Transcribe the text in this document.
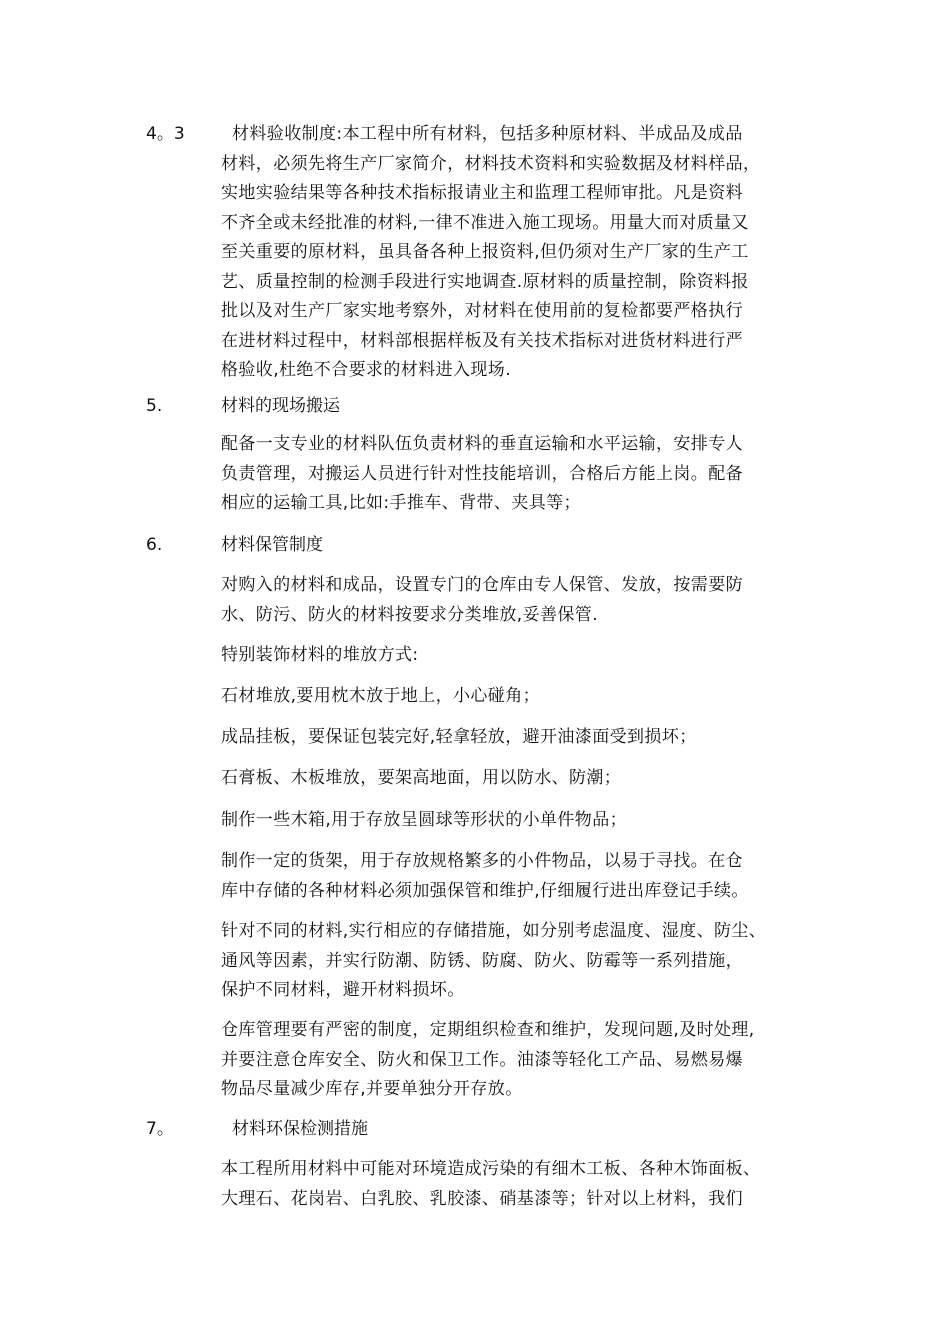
4。3	材料验收制度:本工程中所有材料，包括多种原材料、半成品及成品
材料，必须先将生产厂家简介，材料技术资料和实验数据及材料样品，
实地实验结果等各种技术指标报请业主和监理工程师审批。凡是资料
不齐全或未经批准的材料,一律不准进入施工现场。用量大而对质量又
至关重要的原材料，虽具备各种上报资料,但仍须对生产厂家的生产工
艺、质量控制的检测手段进行实地调查.原材料的质量控制，除资料报
批以及对生产厂家实地考察外，对材料在使用前的复检都要严格执行
在进材料过程中，材料部根据样板及有关技术指标对进货材料进行严
格验收,杜绝不合要求的材料进入现场.
5.	材料的现场搬运
配备一支专业的材料队伍负责材料的垂直运输和水平运输，安排专人
负责管理，对搬运人员进行针对性技能培训，合格后方能上岗。配备
相应的运输工具,比如:手推车、背带、夹具等；
6.	材料保管制度
对购入的材料和成品，设置专门的仓库由专人保管、发放，按需要防
水、防污、防火的材料按要求分类堆放,妥善保管.
特别装饰材料的堆放方式:
石材堆放,要用枕木放于地上，小心碰角；
成品挂板，要保证包装完好,轻拿轻放，避开油漆面受到损坏；
石膏板、木板堆放，要架高地面，用以防水、防潮；
制作一些木箱,用于存放呈圆球等形状的小单件物品；
制作一定的货架，用于存放规格繁多的小件物品，以易于寻找。在仓
库中存储的各种材料必须加强保管和维护,仔细履行进出库登记手续。
针对不同的材料,实行相应的存储措施，如分别考虑温度、湿度、防尘、
通风等因素，并实行防潮、防锈、防腐、防火、防霉等一系列措施，
保护不同材料，避开材料损坏。
仓库管理要有严密的制度，定期组织检查和维护，发现问题,及时处理,
并要注意仓库安全、防火和保卫工作。油漆等轻化工产品、易燃易爆
物品尽量减少库存,并要单独分开存放。
7。	材料环保检测措施
本工程所用材料中可能对环境造成污染的有细木工板、各种木饰面板、
大理石、花岗岩、白乳胶、乳胶漆、硝基漆等；针对以上材料，我们
